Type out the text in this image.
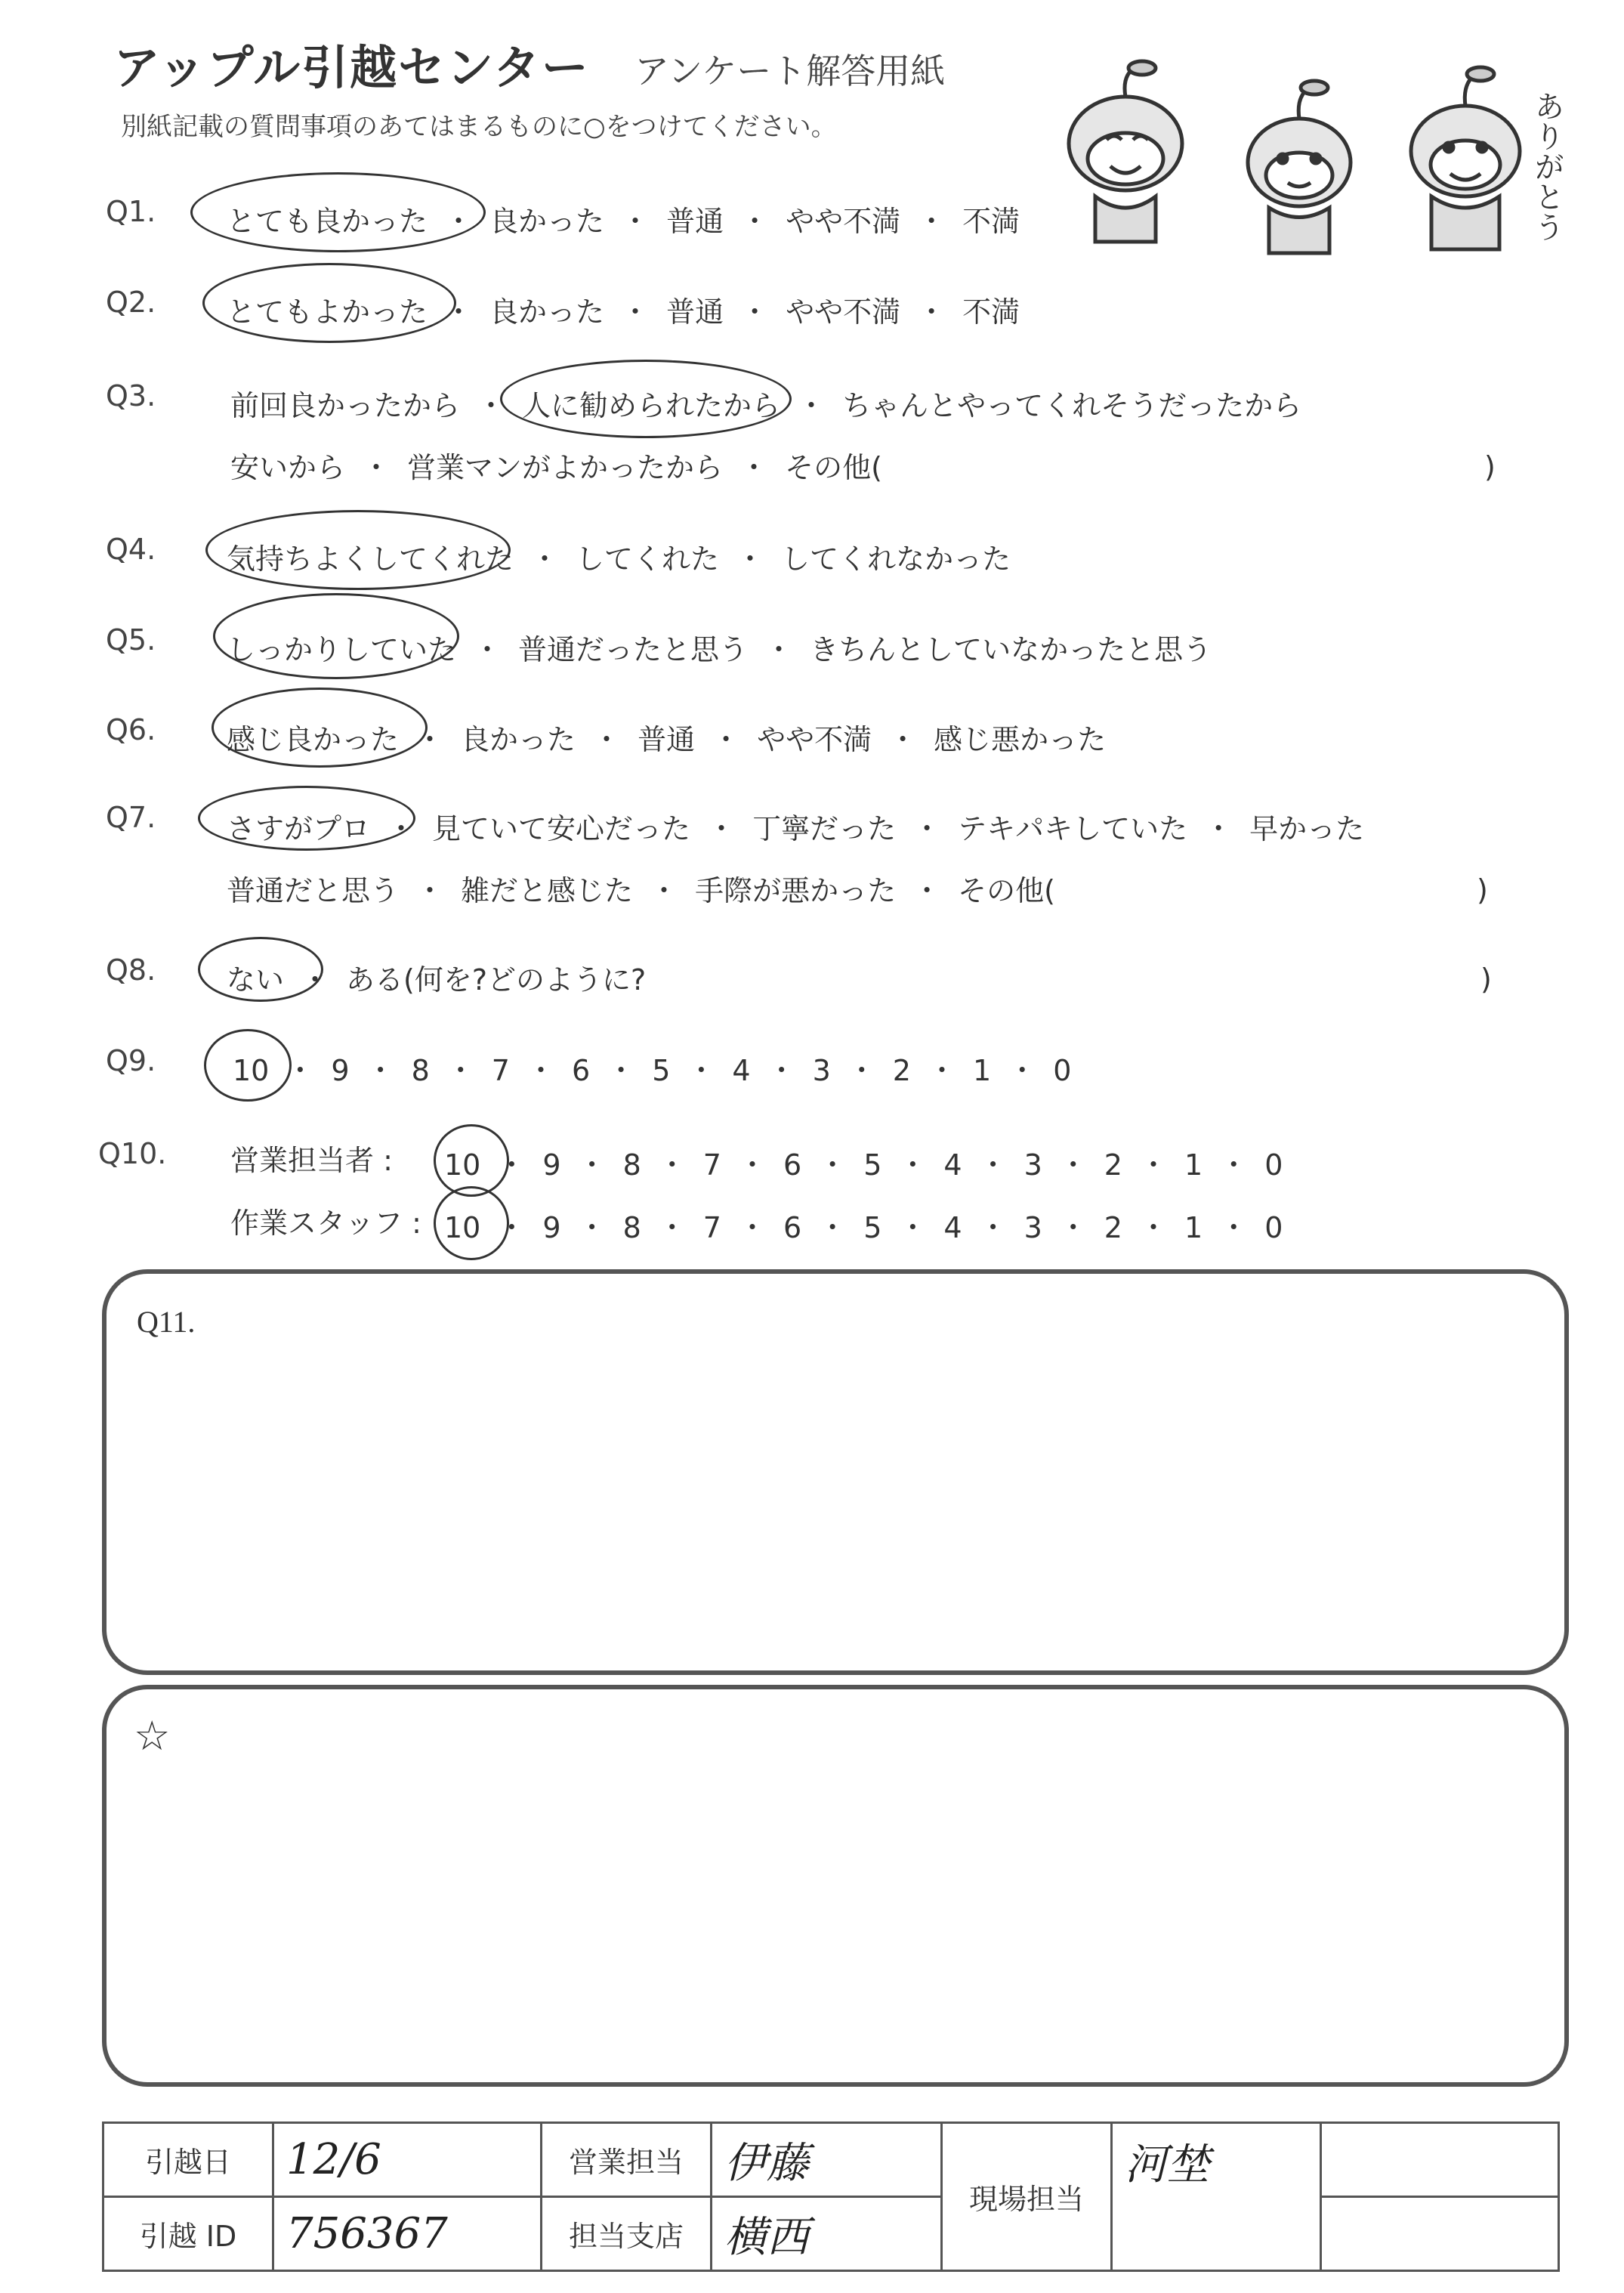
アップル引越センター アンケート解答用紙
別紙記載の質問事項のあてはまるものに○をつけてください。	ありがとう
Q1. とても良かった ・ 良かった ・ 普通 ・ やや不満 ・ 不満
Q2. とてもよかった ・ 良かった ・ 普通 ・ やや不満 ・ 不満
Q3.	前回良かったから ・ 人に勧められたから ・ ちゃんとやってくれそうだったから
安いから ・ 営業マンがよかったから ・ その他(	)
Q4. 気持ちよくしてくれた ・ してくれた ・ してくれなかった
Q5. しっかりしていた ・ 普通だったと思う ・ きちんとしていなかったと思う
Q6. 感じ良かった ・ 良かった ・ 普通 ・ やや不満 ・ 感じ悪かった
Q7. さすがプロ ・ 見ていて安心だった ・ 丁寧だった ・ テキパキしていた ・ 早かった
普通だと思う ・ 雑だと感じた ・ 手際が悪かった ・ その他(	)
Q8. ない ・ ある(何を?どのように?	)
Q9.	10 ・ 9 ・ 8 ・ 7 ・ 6 ・ 5 ・ 4 ・ 3 ・ 2 ・ 1 ・ 0
Q10. 営業担当者 : 10 ・ 9 ・ 8 ・ 7 ・ 6 ・ 5 ・ 4 ・ 3 ・ 2 ・ 1 ・ 0
作業スタッフ : 10 ・ 9 ・ 8 ・ 7 ・ 6 ・ 5 ・ 4 ・ 3 ・ 2 ・ 1 ・ 0
Q11.
☆
引越日	12/6	営業担当	伊藤	現場担当	河埜	
引越 ID	756367	担当支店	横西			
